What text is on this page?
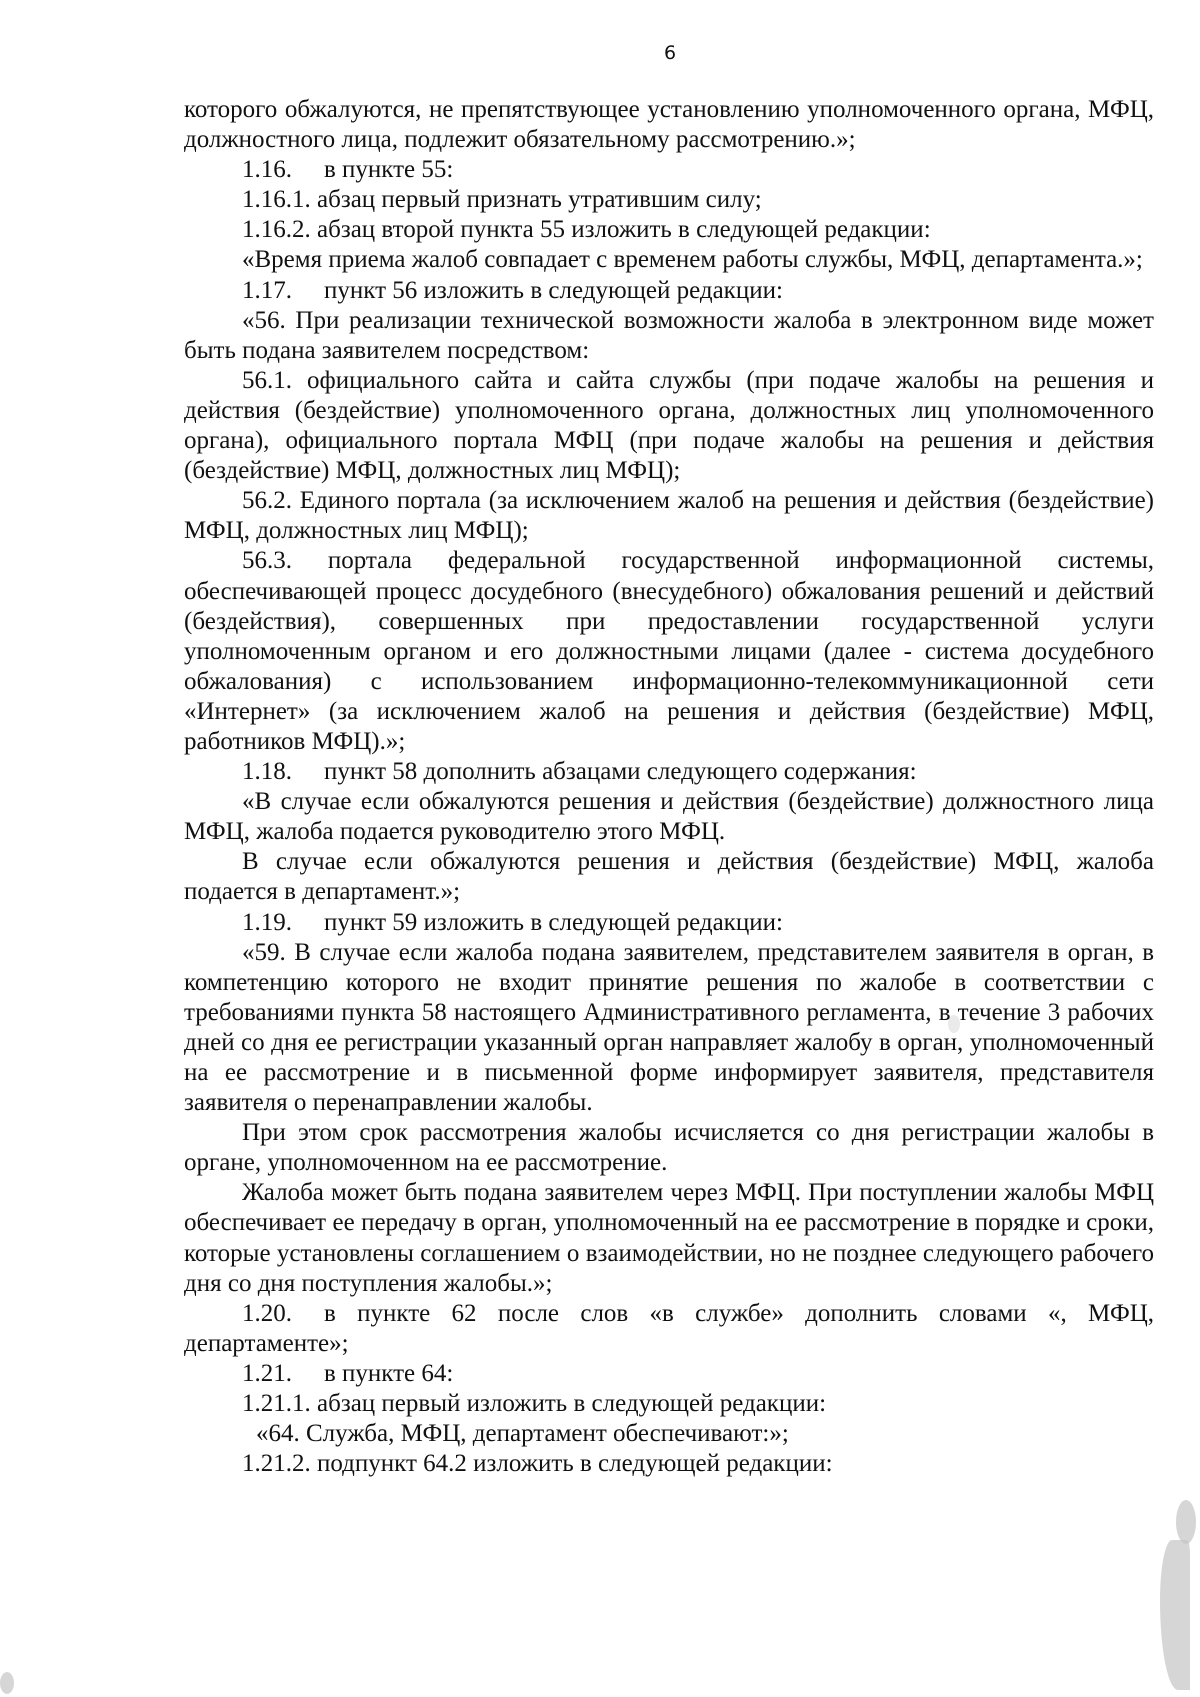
6

которого обжалуются, не препятствующее установлению уполномоченного органа, МФЦ, должностного лица, подлежит обязательному рассмотрению.»;

1.16. в пункте 55:

1.16.1. абзац первый признать утратившим силу;

1.16.2. абзац второй пункта 55 изложить в следующей редакции:

«Время приема жалоб совпадает с временем работы службы, МФЦ, департамента.»;

1.17. пункт 56 изложить в следующей редакции:

«56. При реализации технической возможности жалоба в электронном виде может быть подана заявителем посредством:

56.1. официального сайта и сайта службы (при подаче жалобы на решения и действия (бездействие) уполномоченного органа, должностных лиц уполномоченного органа), официального портала МФЦ (при подаче жалобы на решения и действия (бездействие) МФЦ, должностных лиц МФЦ);

56.2. Единого портала (за исключением жалоб на решения и действия (бездействие) МФЦ, должностных лиц МФЦ);

56.3. портала федеральной государственной информационной системы, обеспечивающей процесс досудебного (внесудебного) обжалования решений и действий (бездействия), совершенных при предоставлении государственной услуги уполномоченным органом и его должностными лицами (далее - система досудебного обжалования) с использованием информационно-телекоммуникационной сети «Интернет» (за исключением жалоб на решения и действия (бездействие) МФЦ, работников МФЦ).»;

1.18. пункт 58 дополнить абзацами следующего содержания:

«В случае если обжалуются решения и действия (бездействие) должностного лица МФЦ, жалоба подается руководителю этого МФЦ.

В случае если обжалуются решения и действия (бездействие) МФЦ, жалоба подается в департамент.»;

1.19. пункт 59 изложить в следующей редакции:

«59. В случае если жалоба подана заявителем, представителем заявителя в орган, в компетенцию которого не входит принятие решения по жалобе в соответствии с требованиями пункта 58 настоящего Административного регламента, в течение 3 рабочих дней со дня ее регистрации указанный орган направляет жалобу в орган, уполномоченный на ее рассмотрение и в письменной форме информирует заявителя, представителя заявителя о перенаправлении жалобы.

При этом срок рассмотрения жалобы исчисляется со дня регистрации жалобы в органе, уполномоченном на ее рассмотрение.

Жалоба может быть подана заявителем через МФЦ. При поступлении жалобы МФЦ обеспечивает ее передачу в орган, уполномоченный на ее рассмотрение в порядке и сроки, которые установлены соглашением о взаимодействии, но не позднее следующего рабочего дня со дня поступления жалобы.»;

1.20. в пункте 62 после слов «в службе» дополнить словами «, МФЦ, департаменте»;

1.21. в пункте 64:

1.21.1. абзац первый изложить в следующей редакции:

«64. Служба, МФЦ, департамент обеспечивают:»;

1.21.2. подпункт 64.2 изложить в следующей редакции:
